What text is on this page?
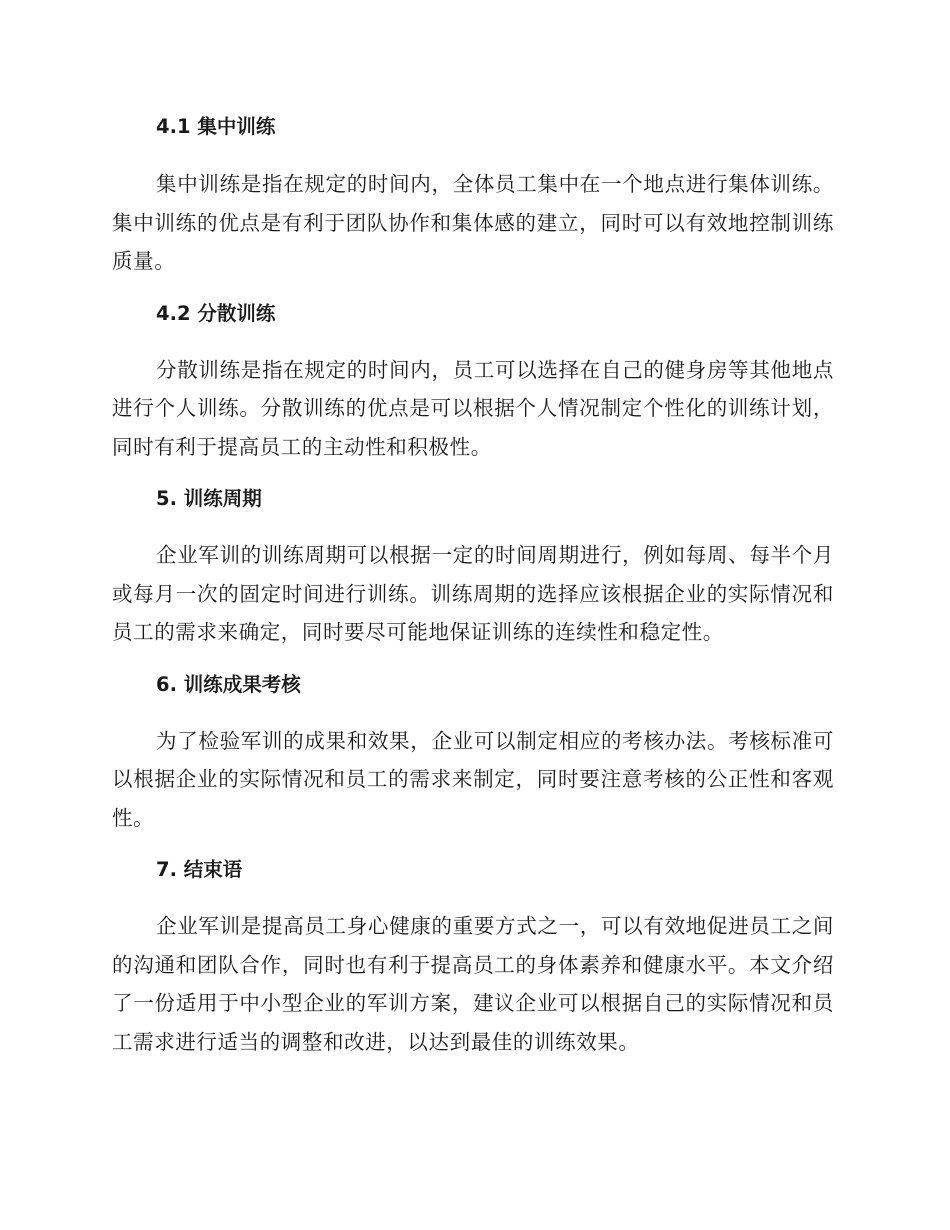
4.1 集中训练

集中训练是指在规定的时间内，全体员工集中在一个地点进行集体训练。集中训练的优点是有利于团队协作和集体感的建立，同时可以有效地控制训练质量。

4.2 分散训练

分散训练是指在规定的时间内，员工可以选择在自己的健身房等其他地点进行个人训练。分散训练的优点是可以根据个人情况制定个性化的训练计划，同时有利于提高员工的主动性和积极性。

5. 训练周期

企业军训的训练周期可以根据一定的时间周期进行，例如每周、每半个月或每月一次的固定时间进行训练。训练周期的选择应该根据企业的实际情况和员工的需求来确定，同时要尽可能地保证训练的连续性和稳定性。

6. 训练成果考核

为了检验军训的成果和效果，企业可以制定相应的考核办法。考核标准可以根据企业的实际情况和员工的需求来制定，同时要注意考核的公正性和客观性。

7. 结束语

企业军训是提高员工身心健康的重要方式之一，可以有效地促进员工之间的沟通和团队合作，同时也有利于提高员工的身体素养和健康水平。本文介绍了一份适用于中小型企业的军训方案，建议企业可以根据自己的实际情况和员工需求进行适当的调整和改进，以达到最佳的训练效果。
